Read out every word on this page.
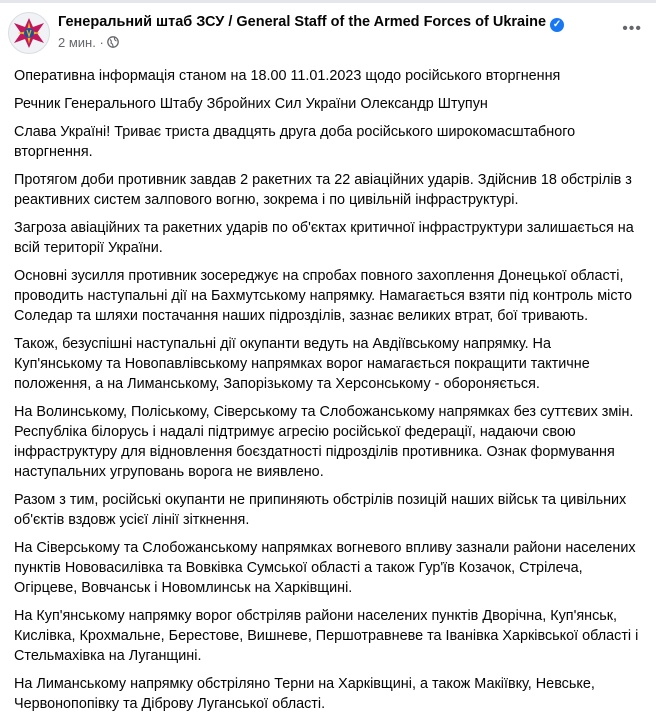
Генеральний штаб ЗСУ / General Staff of the Armed Forces of Ukraine ✓
2 мин. ·
•••
Оперативна інформація станом на 18.00 11.01.2023 щодо російського вторгнення
Речник Генерального Штабу Збройних Сил України Олександр Штупун
Слава Україні! Триває триста двадцять друга доба російського широкомасштабного
вторгнення.
Протягом доби противник завдав 2 ракетних та 22 авіаційних ударів. Здійснив 18 обстрілів з
реактивних систем залпового вогню, зокрема і по цивільній інфраструктурі.
Загроза авіаційних та ракетних ударів по об'єктах критичної інфраструктури залишається на
всій території України.
Основні зусилля противник зосереджує на спробах повного захоплення Донецької області,
проводить наступальні дії на Бахмутському напрямку. Намагається взяти під контроль місто
Соледар та шляхи постачання наших підрозділів, зазнає великих втрат, бої тривають.
Також, безуспішні наступальні дії окупанти ведуть на Авдіївському напрямку. На
Куп'янському та Новопавлівському напрямках ворог намагається покращити тактичне
положення, а на Лиманському, Запорізькому та Херсонському - обороняється.
На Волинському, Поліському, Сіверському та Слобожанському напрямках без суттєвих змін.
Республіка білорусь і надалі підтримує агресію російської федерації, надаючи свою
інфраструктуру для відновлення боєздатності підрозділів противника. Ознак формування
наступальних угруповань ворога не виявлено.
Разом з тим, російські окупанти не припиняють обстрілів позицій наших військ та цивільних
об'єктів вздовж усієї лінії зіткнення.
На Сіверському та Слобожанському напрямках вогневого впливу зазнали райони населених
пунктів Нововасилівка та Вовківка Сумської області а також Гур'їв Козачок, Стрілеча,
Огірцеве, Вовчанськ і Новомлинськ на Харківщині.
На Куп'янському напрямку ворог обстріляв райони населених пунктів Дворічна, Куп'янськ,
Кислівка, Крохмальне, Берестове, Вишневе, Першотравневе та Іванівка Харківської області і
Стельмахівка на Луганщині.
На Лиманському напрямку обстріляно Терни на Харківщині, а також Макіївку, Невське,
Червонопопівку та Діброву Луганської області.
